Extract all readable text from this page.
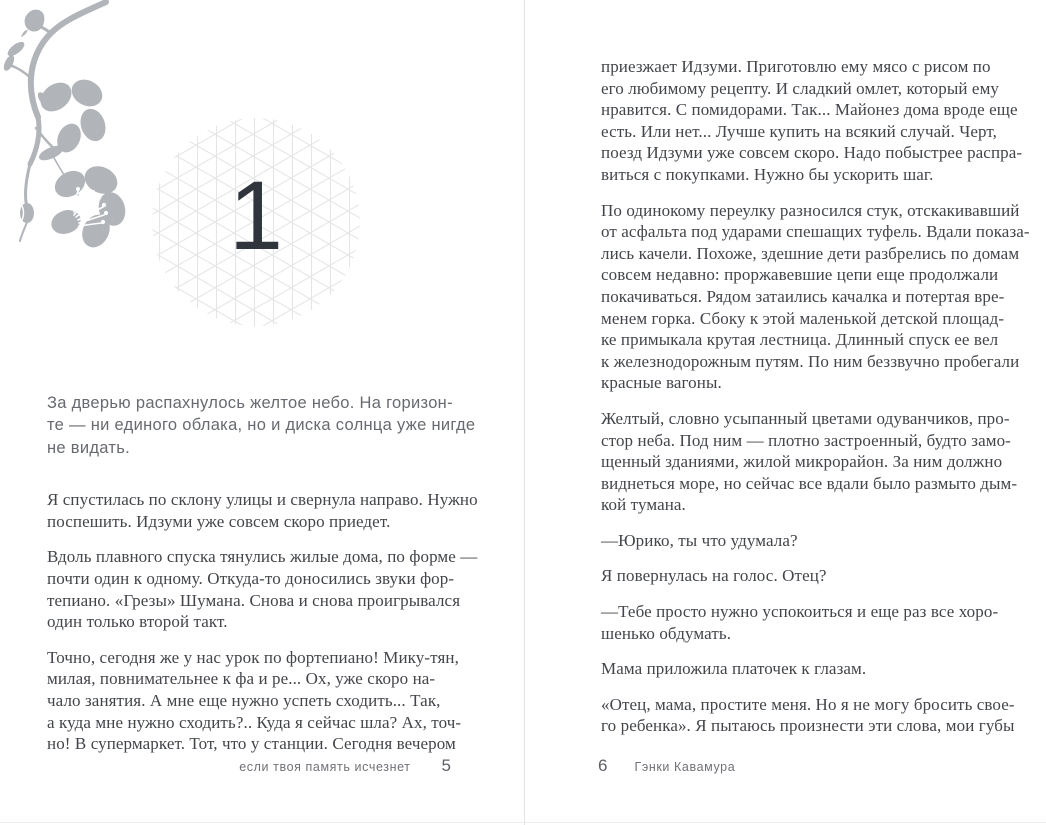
1

За дверью распахнулось желтое небо. На горизон-
те — ни единого облака, но и диска солнца уже нигде
не видать.

Я спустилась по склону улицы и свернула направо. Нужно
поспешить. Идзуми уже совсем скоро приедет.

Вдоль плавного спуска тянулись жилые дома, по форме —
почти один к одному. Откуда-то доносились звуки фор-
тепиано. «Грезы» Шумана. Снова и снова проигрывался
один только второй такт.

Точно, сегодня же у нас урок по фортепиано! Мику-тян,
милая, повнимательнее к фа и ре... Ох, уже скоро на-
чало занятия. А мне еще нужно успеть сходить... Так,
а куда мне нужно сходить?.. Куда я сейчас шла? Ах, точ-
но! В супермаркет. Тот, что у станции. Сегодня вечером

если твоя память исчезнет 5

приезжает Идзуми. Приготовлю ему мясо с рисом по
его любимому рецепту. И сладкий омлет, который ему
нравится. С помидорами. Так... Майонез дома вроде еще
есть. Или нет... Лучше купить на всякий случай. Черт,
поезд Идзуми уже совсем скоро. Надо побыстрее распра-
виться с покупками. Нужно бы ускорить шаг.

По одинокому переулку разносился стук, отскакивавший
от асфальта под ударами спешащих туфель. Вдали показа-
лись качели. Похоже, здешние дети разбрелись по домам
совсем недавно: проржавевшие цепи еще продолжали
покачиваться. Рядом затаились качалка и потертая вре-
менем горка. Сбоку к этой маленькой детской площад-
ке примыкала крутая лестница. Длинный спуск ее вел
к железнодорожным путям. По ним беззвучно пробегали
красные вагоны.

Желтый, словно усыпанный цветами одуванчиков, про-
стор неба. Под ним — плотно застроенный, будто замо-
щенный зданиями, жилой микрорайон. За ним должно
виднеться море, но сейчас все вдали было размыто дым-
кой тумана.

—Юрико, ты что удумала?

Я повернулась на голос. Отец?

—Тебе просто нужно успокоиться и еще раз все хоро-
шенько обдумать.

Мама приложила платочек к глазам.

«Отец, мама, простите меня. Но я не могу бросить свое-
го ребенка». Я пытаюсь произнести эти слова, мои губы

6 Гэнки Кавамура
